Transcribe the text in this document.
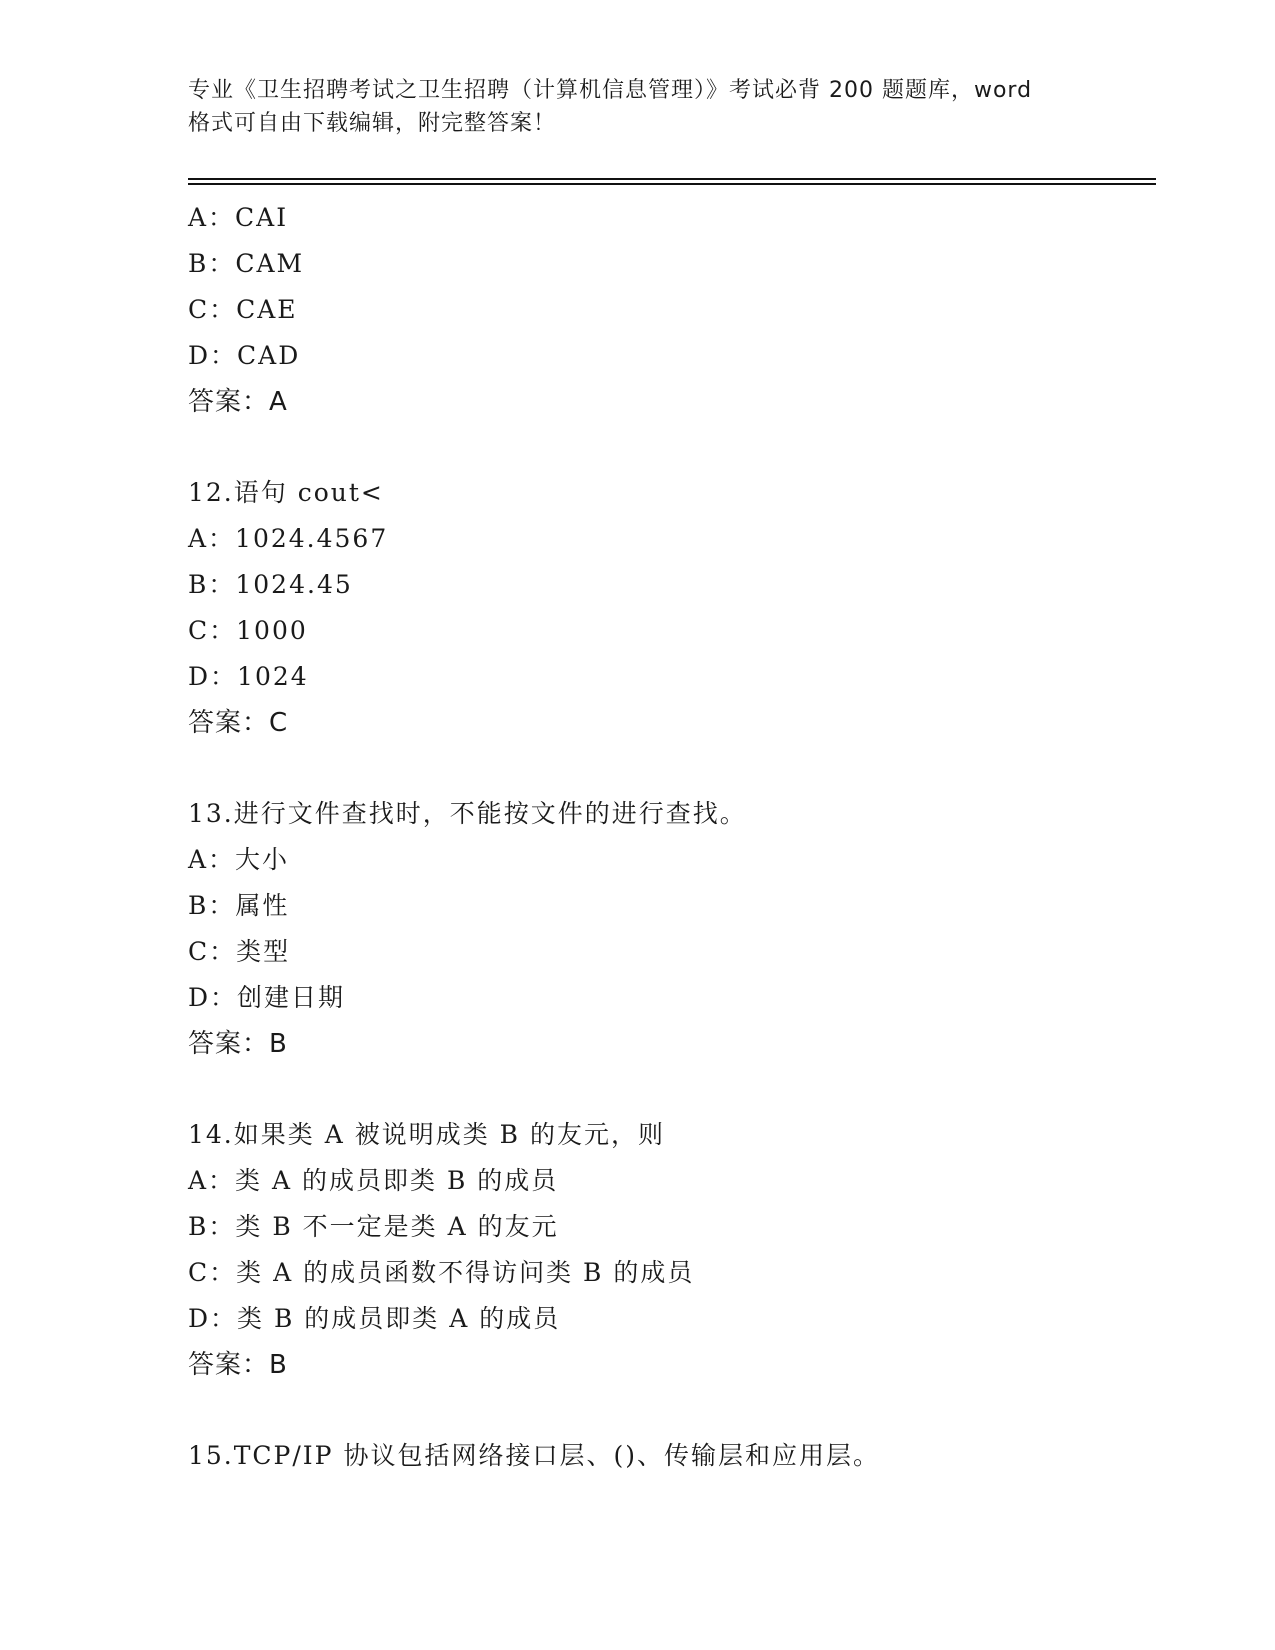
专业《卫生招聘考试之卫生招聘（计算机信息管理）》考试必背 200 题题库，word
格式可自由下载编辑，附完整答案！
A：CAI
B：CAM
C：CAE
D：CAD
答案：A
12.语句 cout<
A：1024.4567
B：1024.45
C：1000
D：1024
答案：C
13.进行文件查找时，不能按文件的进行查找。
A：大小
B：属性
C：类型
D：创建日期
答案：B
14.如果类 A 被说明成类 B 的友元，则
A：类 A 的成员即类 B 的成员
B：类 B 不一定是类 A 的友元
C：类 A 的成员函数不得访问类 B 的成员
D：类 B 的成员即类 A 的成员
答案：B
15.TCP/IP 协议包括网络接口层、()、传输层和应用层。
